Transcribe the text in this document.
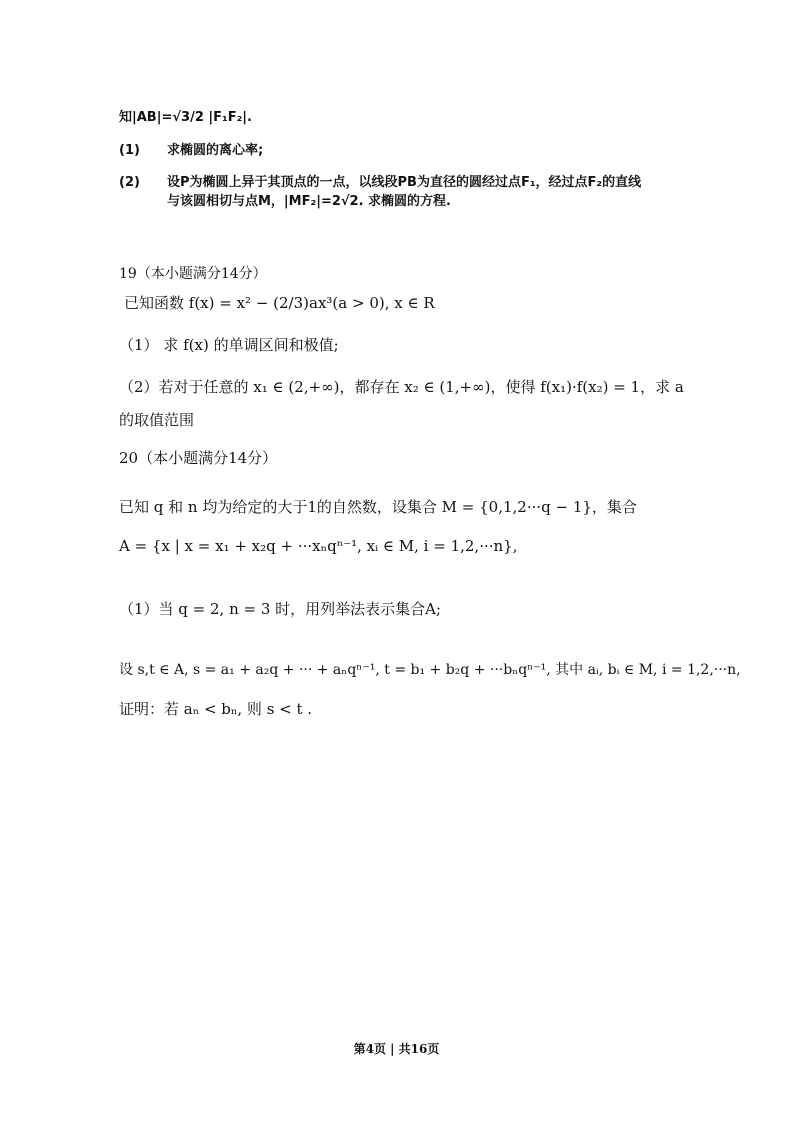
知|AB|=√3/2 |F₁F₂|.
(1) 求椭圆的离心率;
(2) 设P为椭圆上异于其顶点的一点，以线段PB为直径的圆经过点F₁，经过点F₂的直线
与该圆相切与点M，|MF₂|=2√2. 求椭圆的方程.
19（本小题满分14分）
已知函数 f(x) = x² − (2/3)ax³(a > 0), x ∈ R
（1） 求 f(x) 的单调区间和极值;
（2）若对于任意的 x₁ ∈ (2,+∞)，都存在 x₂ ∈ (1,+∞)，使得 f(x₁)·f(x₂) = 1，求 a
的取值范围
20（本小题满分14分）
已知 q 和 n 均为给定的大于1的自然数，设集合 M = {0,1,2···q − 1}，集合
A = {x | x = x₁ + x₂q + ···xₙqⁿ⁻¹, xᵢ ∈ M, i = 1,2,···n},
（1）当 q = 2, n = 3 时，用列举法表示集合A;
设 s,t ∈ A, s = a₁ + a₂q + ··· + aₙqⁿ⁻¹, t = b₁ + b₂q + ···bₙqⁿ⁻¹, 其中 aᵢ, bᵢ ∈ M, i = 1,2,···n,
证明：若 aₙ < bₙ, 则 s < t .
第4页 | 共16页
